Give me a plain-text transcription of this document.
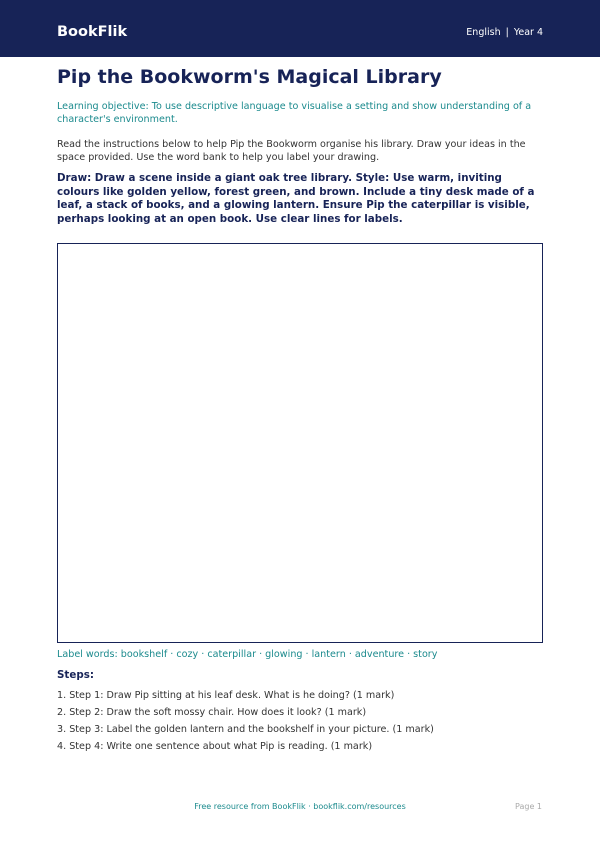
BookFlik	English | Year 4
Pip the Bookworm's Magical Library

Learning objective: To use descriptive language to visualise a setting and show understanding of a character's environment.

Read the instructions below to help Pip the Bookworm organise his library. Draw your ideas in the space provided. Use the word bank to help you label your drawing.

Draw: Draw a scene inside a giant oak tree library. Style: Use warm, inviting colours like golden yellow, forest green, and brown. Include a tiny desk made of a leaf, a stack of books, and a glowing lantern. Ensure Pip the caterpillar is visible, perhaps looking at an open book. Use clear lines for labels.

Label words: bookshelf · cozy · caterpillar · glowing · lantern · adventure · story

Steps:
1. Step 1: Draw Pip sitting at his leaf desk. What is he doing? (1 mark)
2. Step 2: Draw the soft mossy chair. How does it look? (1 mark)
3. Step 3: Label the golden lantern and the bookshelf in your picture. (1 mark)
4. Step 4: Write one sentence about what Pip is reading. (1 mark)
Free resource from BookFlik · bookflik.com/resources	Page 1
